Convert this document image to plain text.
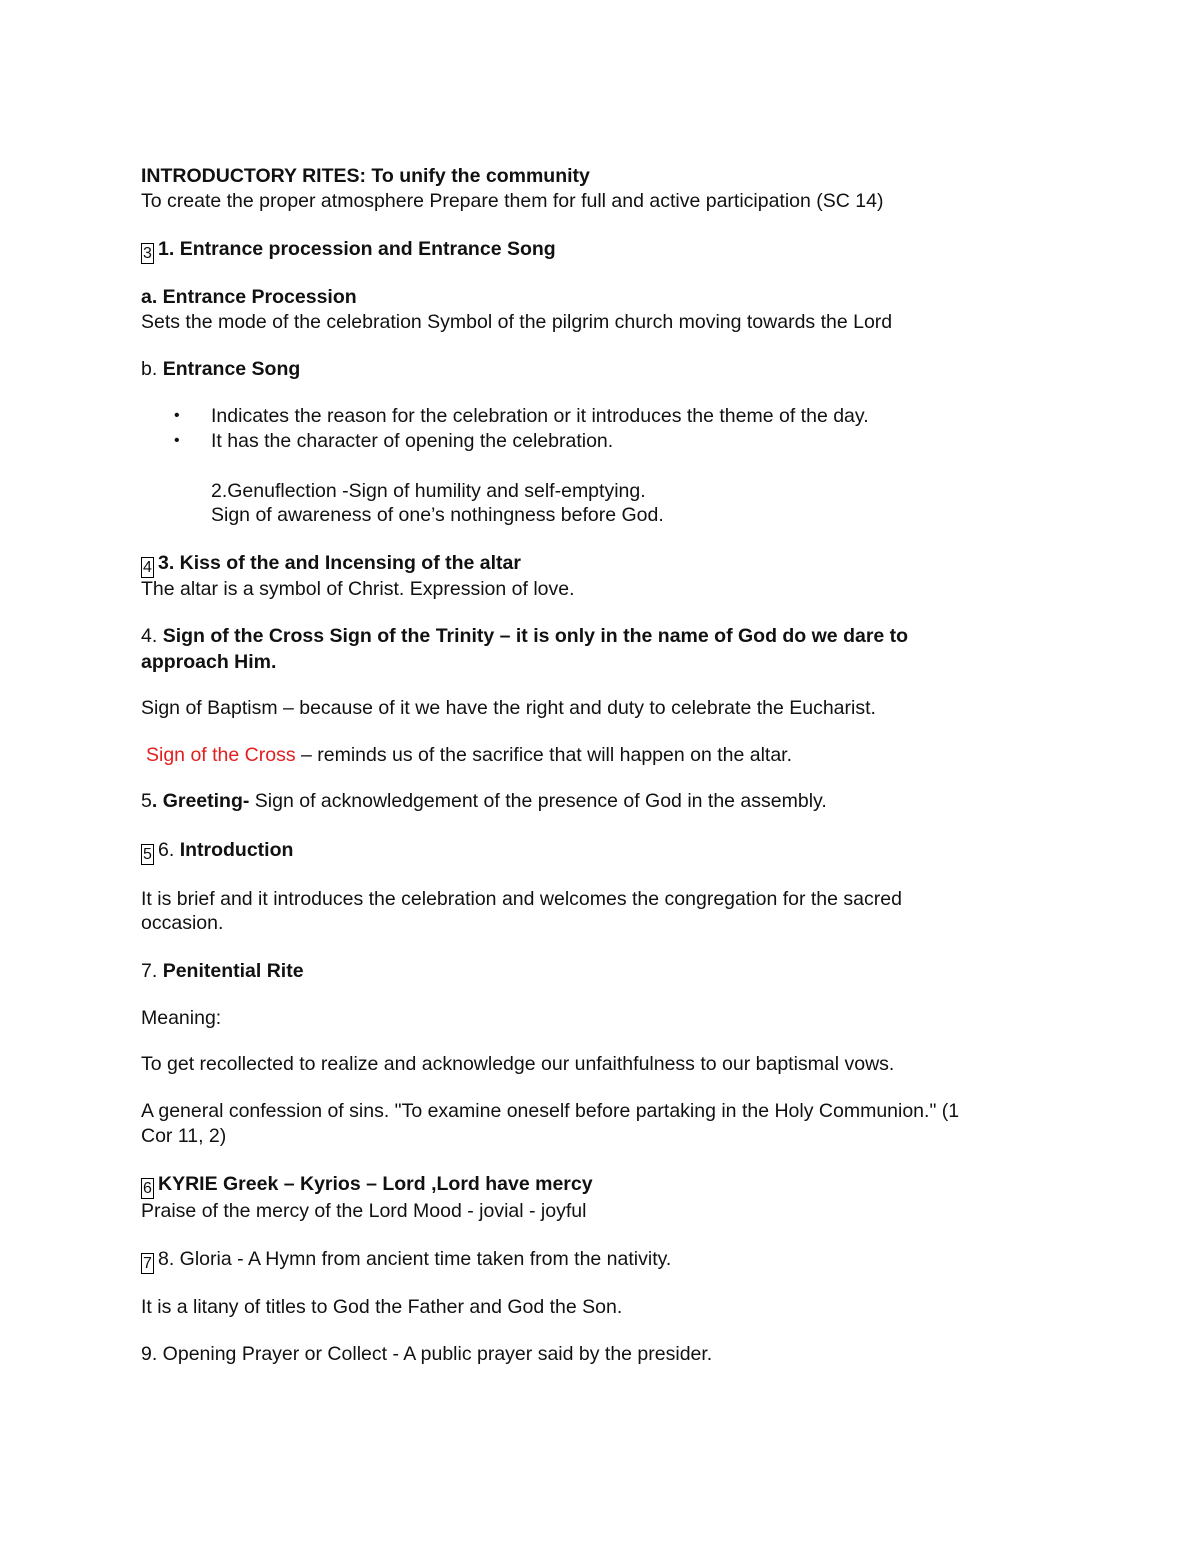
INTRODUCTORY RITES: To unify the community
To create the proper atmosphere Prepare them for full and active participation (SC 14)
3 1. Entrance procession and Entrance Song
a. Entrance Procession
Sets the mode of the celebration Symbol of the pilgrim church moving towards the Lord
b. Entrance Song
• Indicates the reason for the celebration or it introduces the theme of the day.
• It has the character of opening the celebration.
2.Genuflection -Sign of humility and self-emptying.
Sign of awareness of one’s nothingness before God.
4 3. Kiss of the and Incensing of the altar
The altar is a symbol of Christ. Expression of love.
4. Sign of the Cross Sign of the Trinity – it is only in the name of God do we dare to
approach Him.
Sign of Baptism – because of it we have the right and duty to celebrate the Eucharist.
Sign of the Cross – reminds us of the sacrifice that will happen on the altar.
5. Greeting- Sign of acknowledgement of the presence of God in the assembly.
5 6. Introduction
It is brief and it introduces the celebration and welcomes the congregation for the sacred
occasion.
7. Penitential Rite
Meaning:
To get recollected to realize and acknowledge our unfaithfulness to our baptismal vows.
A general confession of sins. "To examine oneself before partaking in the Holy Communion." (1
Cor 11, 2)
6 KYRIE Greek – Kyrios – Lord ,Lord have mercy
Praise of the mercy of the Lord Mood - jovial - joyful
7 8. Gloria - A Hymn from ancient time taken from the nativity.
It is a litany of titles to God the Father and God the Son.
9. Opening Prayer or Collect - A public prayer said by the presider.
